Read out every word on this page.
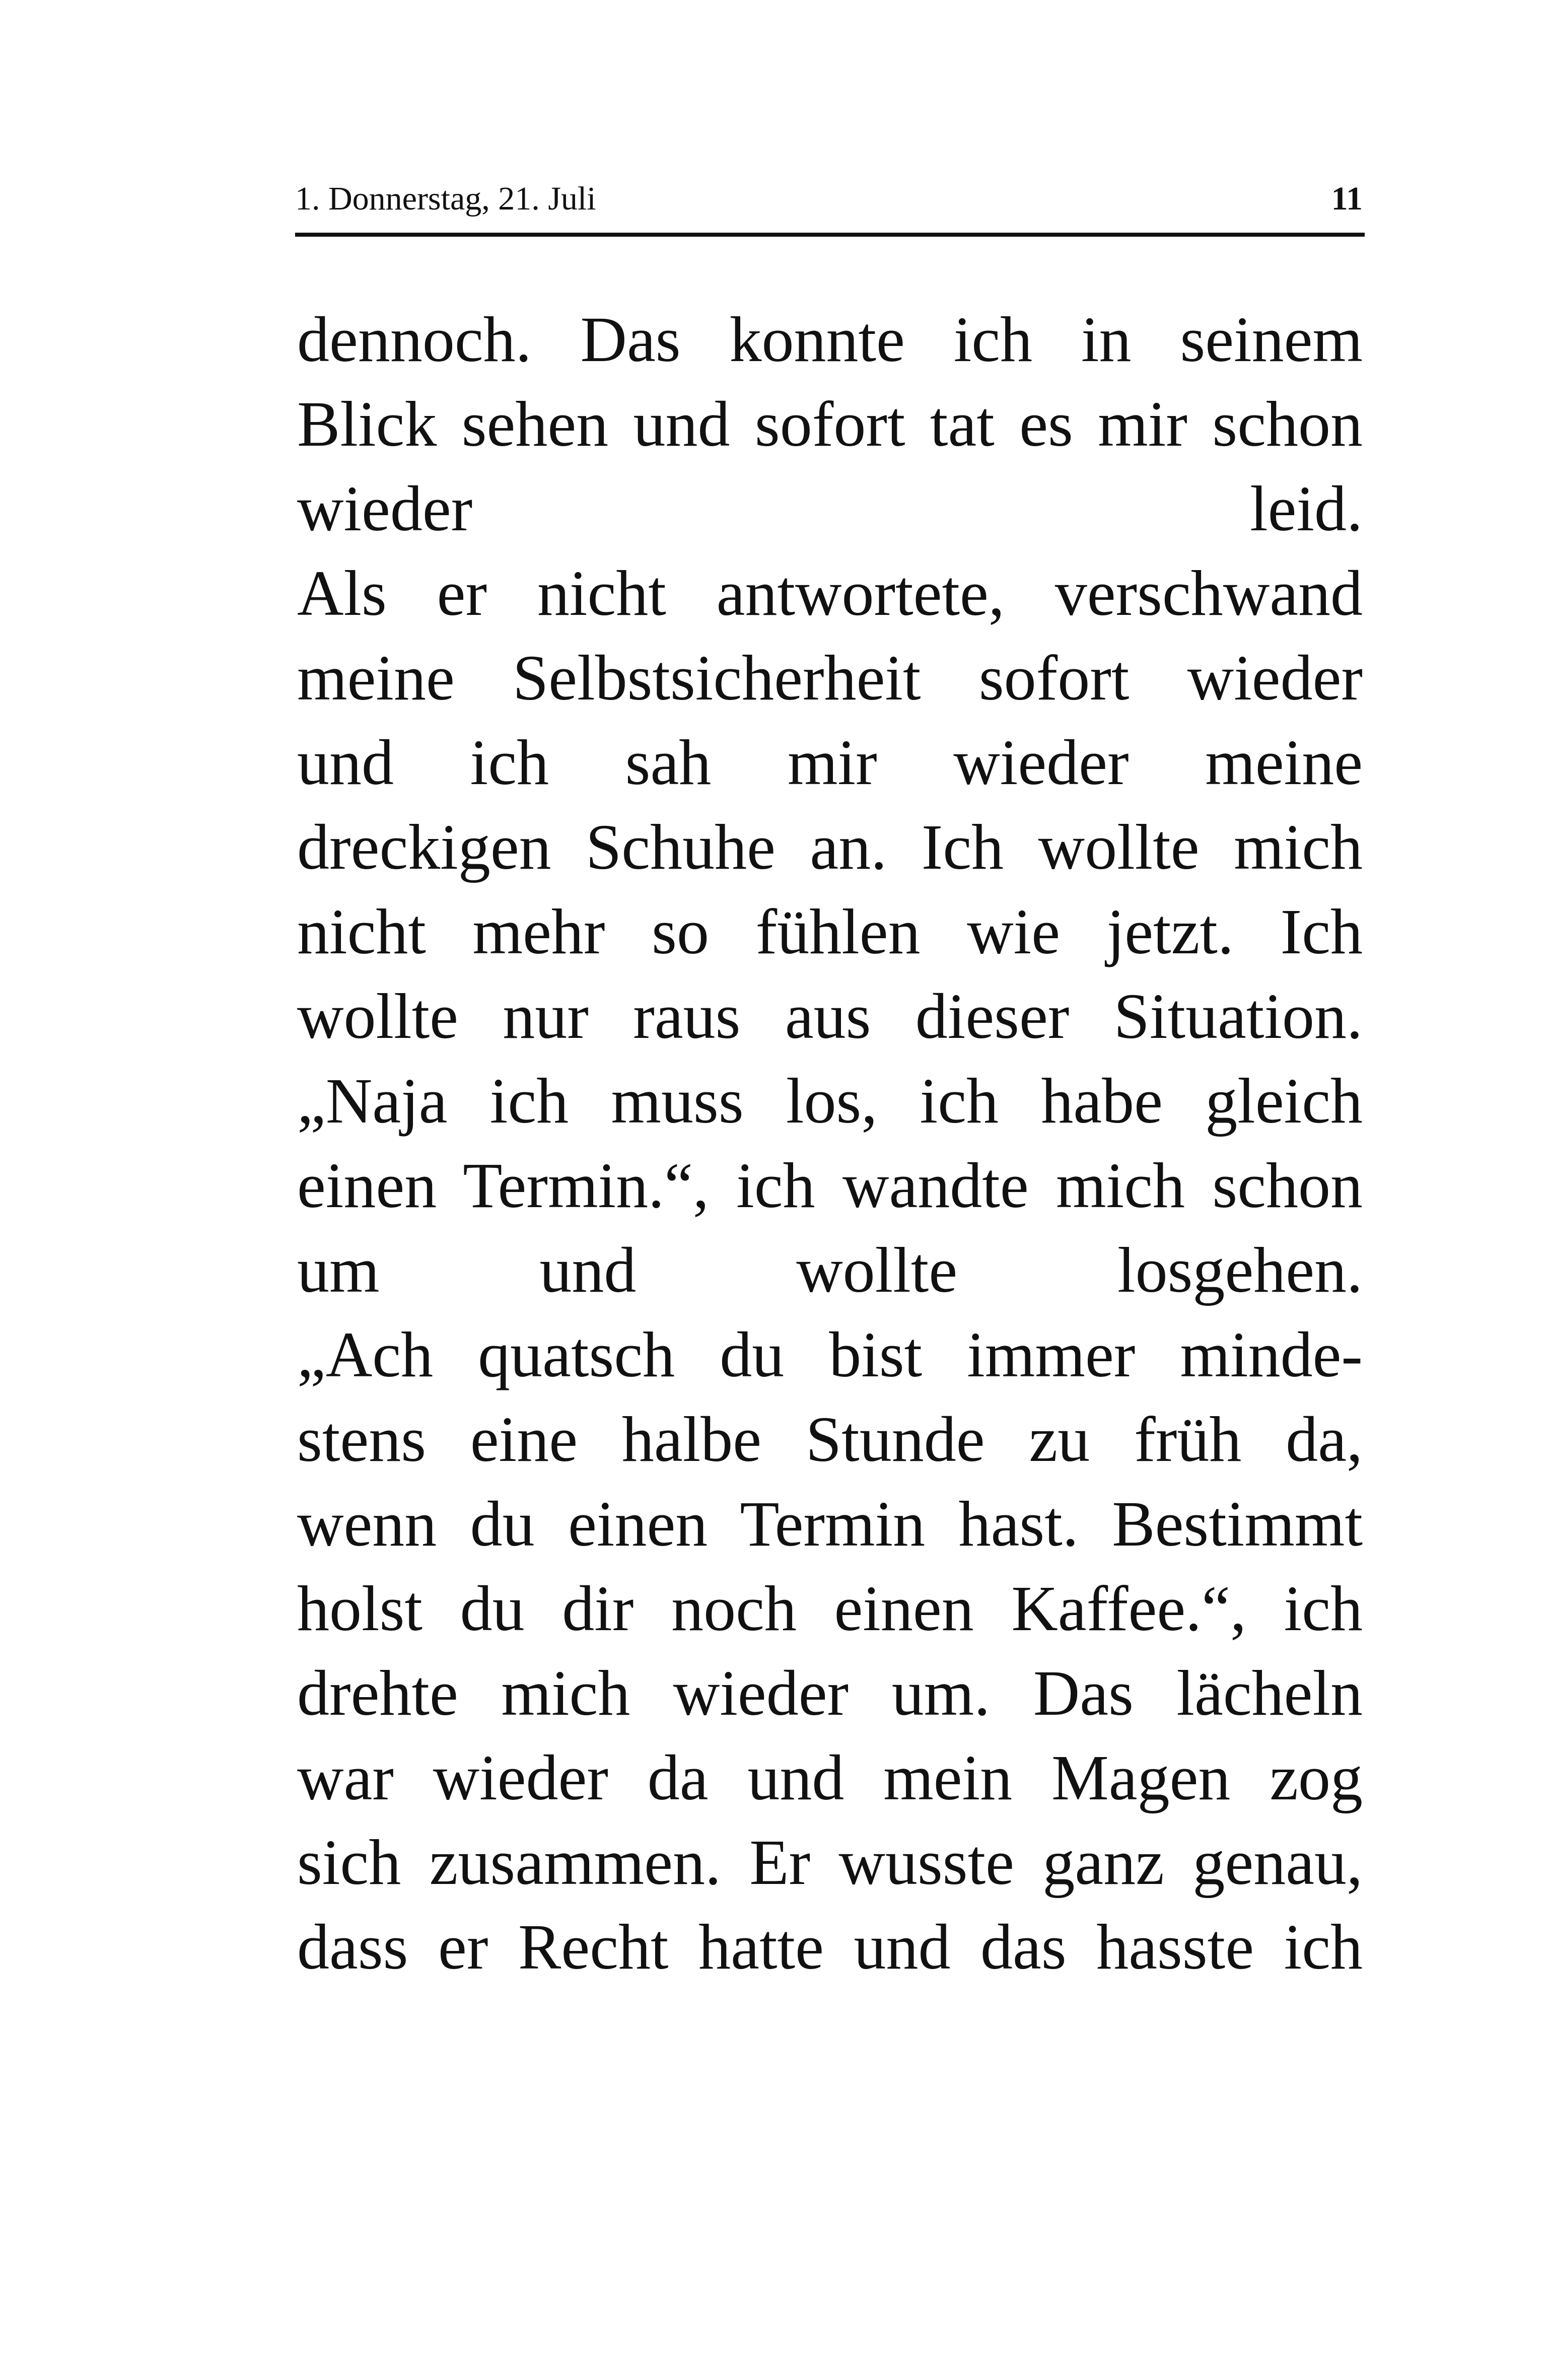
1. Donnerstag, 21. Juli	11
dennoch. Das konnte ich in seinem
Blick sehen und sofort tat es mir schon
wieder leid.
Als er nicht antwortete, verschwand
meine Selbstsicherheit sofort wieder
und ich sah mir wieder meine
dreckigen Schuhe an. Ich wollte mich
nicht mehr so fühlen wie jetzt. Ich
wollte nur raus aus dieser Situation.
„Naja ich muss los, ich habe gleich
einen Termin.“, ich wandte mich schon
um und wollte losgehen.
„Ach quatsch du bist immer minde-
stens eine halbe Stunde zu früh da,
wenn du einen Termin hast. Bestimmt
holst du dir noch einen Kaffee.“, ich
drehte mich wieder um. Das lächeln
war wieder da und mein Magen zog
sich zusammen. Er wusste ganz genau,
dass er Recht hatte und das hasste ich
